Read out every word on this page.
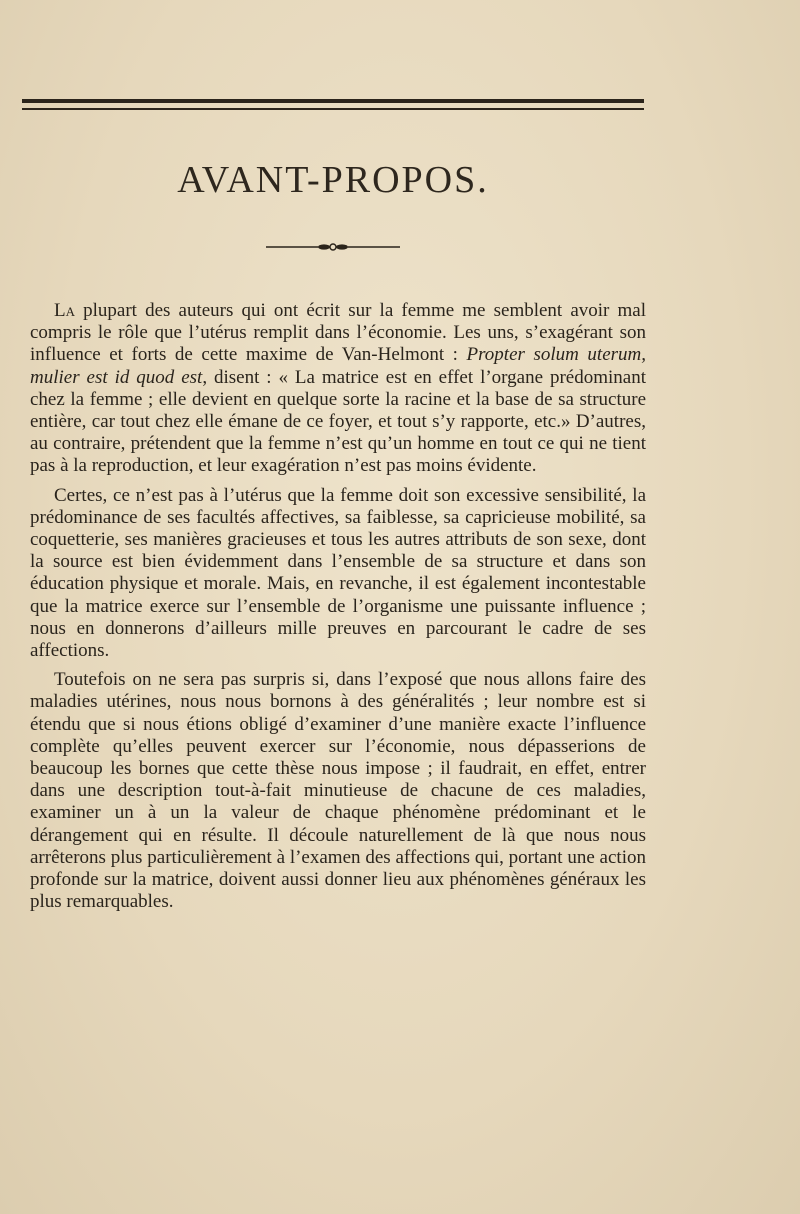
AVANT-PROPOS.

La plupart des auteurs qui ont écrit sur la femme me semblent avoir mal compris le rôle que l’utérus remplit dans l’économie. Les uns, s’exagérant son influence et forts de cette maxime de Van-Helmont : Propter solum uterum, mulier est id quod est, disent : « La matrice est en effet l’organe prédominant chez la femme ; elle devient en quelque sorte la racine et la base de sa structure entière, car tout chez elle émane de ce foyer, et tout s’y rapporte, etc.» D’autres, au contraire, prétendent que la femme n’est qu’un homme en tout ce qui ne tient pas à la reproduction, et leur exagération n’est pas moins évidente.

Certes, ce n’est pas à l’utérus que la femme doit son excessive sensibilité, la prédominance de ses facultés affectives, sa faiblesse, sa capricieuse mobilité, sa coquetterie, ses manières gracieuses et tous les autres attributs de son sexe, dont la source est bien évidemment dans l’ensemble de sa structure et dans son éducation physique et morale. Mais, en revanche, il est également incontestable que la matrice exerce sur l’ensemble de l’organisme une puissante influence ; nous en donnerons d’ailleurs mille preuves en parcourant le cadre de ses affections.

Toutefois on ne sera pas surpris si, dans l’exposé que nous allons faire des maladies utérines, nous nous bornons à des généralités ; leur nombre est si étendu que si nous étions obligé d’examiner d’une manière exacte l’influence complète qu’elles peuvent exercer sur l’économie, nous dépasserions de beaucoup les bornes que cette thèse nous impose ; il faudrait, en effet, entrer dans une description tout-à-fait minutieuse de chacune de ces maladies, examiner un à un la valeur de chaque phénomène prédominant et le dérangement qui en résulte. Il découle naturellement de là que nous nous arrêterons plus particulièrement à l’examen des affections qui, portant une action profonde sur la matrice, doivent aussi donner lieu aux phénomènes généraux les plus remarquables.
